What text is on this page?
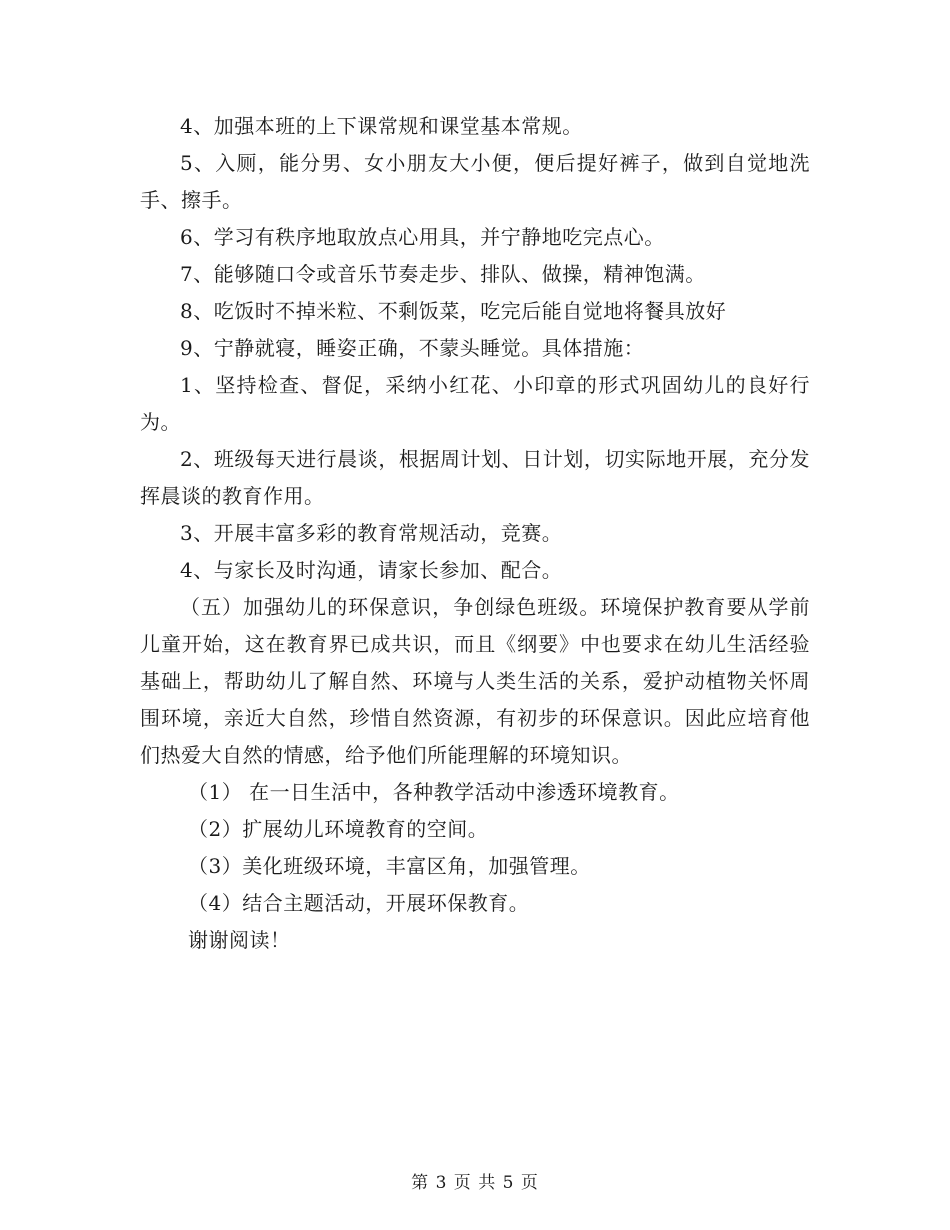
4、加强本班的上下课常规和课堂基本常规。

5、入厕，能分男、女小朋友大小便，便后提好裤子，做到自觉地洗手、擦手。

6、学习有秩序地取放点心用具，并宁静地吃完点心。

7、能够随口令或音乐节奏走步、排队、做操，精神饱满。

8、吃饭时不掉米粒、不剩饭菜，吃完后能自觉地将餐具放好

9、宁静就寝，睡姿正确，不蒙头睡觉。具体措施：

1、坚持检查、督促，采纳小红花、小印章的形式巩固幼儿的良好行为。

2、班级每天进行晨谈，根据周计划、日计划，切实际地开展，充分发挥晨谈的教育作用。

3、开展丰富多彩的教育常规活动，竞赛。

4、与家长及时沟通，请家长参加、配合。

（五）加强幼儿的环保意识，争创绿色班级。环境保护教育要从学前儿童开始，这在教育界已成共识，而且《纲要》中也要求在幼儿生活经验基础上，帮助幼儿了解自然、环境与人类生活的关系，爱护动植物关怀周围环境，亲近大自然，珍惜自然资源，有初步的环保意识。因此应培育他们热爱大自然的情感，给予他们所能理解的环境知识。

（1） 在一日生活中，各种教学活动中渗透环境教育。

（2）扩展幼儿环境教育的空间。

（3）美化班级环境，丰富区角，加强管理。

（4）结合主题活动，开展环保教育。

谢谢阅读！

第 3 页 共 5 页
